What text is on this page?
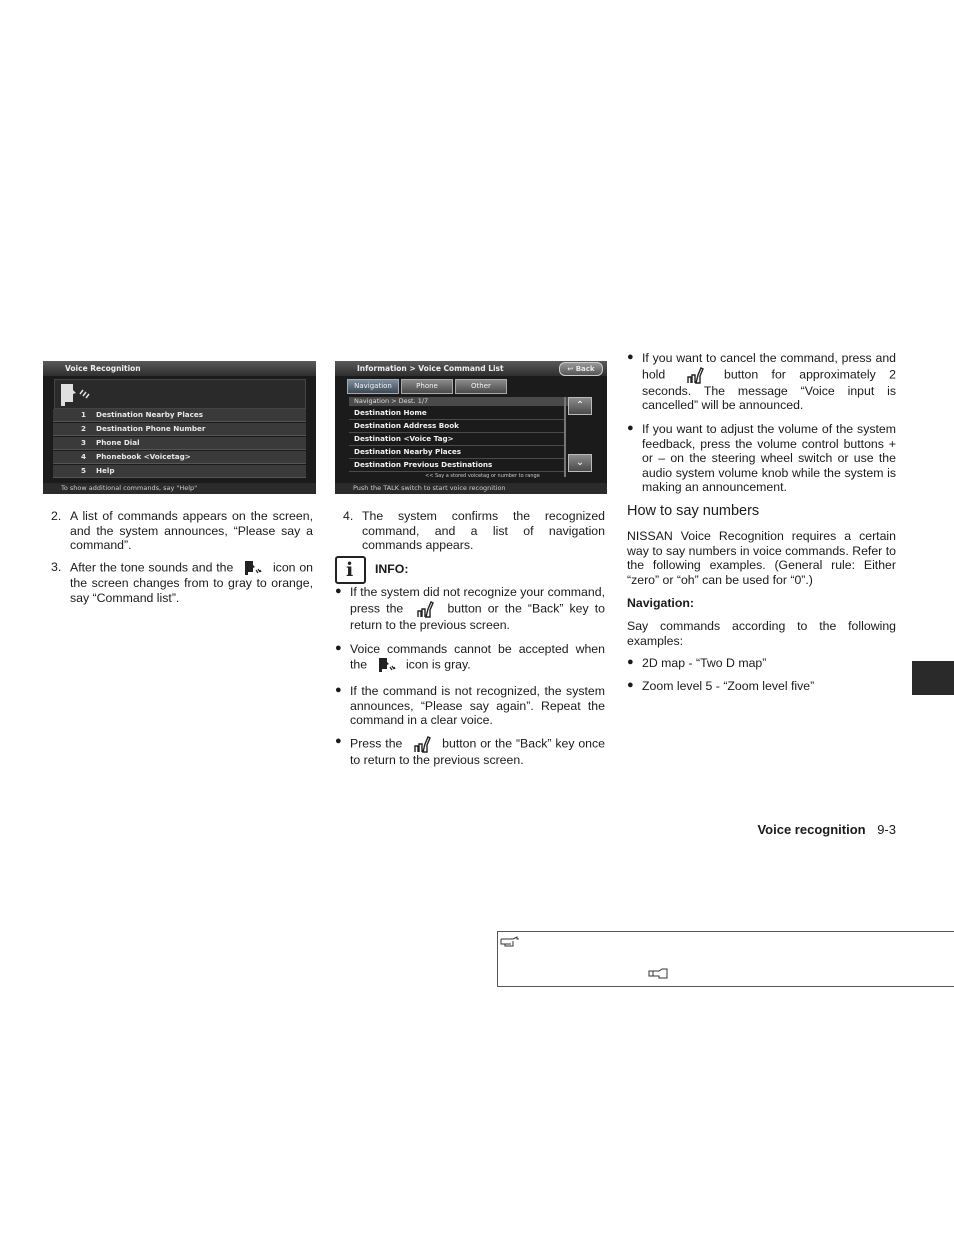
Voice Recognition
1 Destination Nearby Places
2 Destination Phone Number
3 Phone Dial
4 Phonebook <Voicetag>
5 Help
To show additional commands, say "Help"
Information > Voice Command List	↩ Back
Navigation	Phone	Other
Navigation > Dest. 1/7
Destination Home
Destination Address Book
Destination <Voice Tag>
Destination Nearby Places
Destination Previous Destinations
<< Say a stored voicetag or number to range
⌃
⌄
Push the TALK switch to start voice recognition
2. A list of commands appears on the screen, and the system announces, “Please say a command”.

3. After the tone sounds and the	icon on the screen changes from to gray to orange, say “Command list”.

4. The system confirms the recognized command, and a list of navigation commands appears.

i INFO:
● If the system did not recognize your command, press the	button or the “Back” key to return to the previous screen.

● Voice commands cannot be accepted when the	icon is gray.

● If the command is not recognized, the system announces, “Please say again”. Repeat the command in a clear voice.

● Press the	button or the “Back” key once to return to the previous screen.

● If you want to cancel the command, press and hold	button for approximately 2 seconds. The message “Voice input is cancelled” will be announced.

● If you want to adjust the volume of the system feedback, press the volume control buttons + or – on the steering wheel switch or use the audio system volume knob while the system is making an announcement.

How to say numbers

NISSAN Voice Recognition requires a certain way to say numbers in voice commands. Refer to the following examples. (General rule: Either “zero” or “oh” can be used for “0”.)

Navigation:

Say commands according to the following examples:

● 2D map - “Two D map”

● Zoom level 5 - “Zoom level five”

Voice recognition 9-3
